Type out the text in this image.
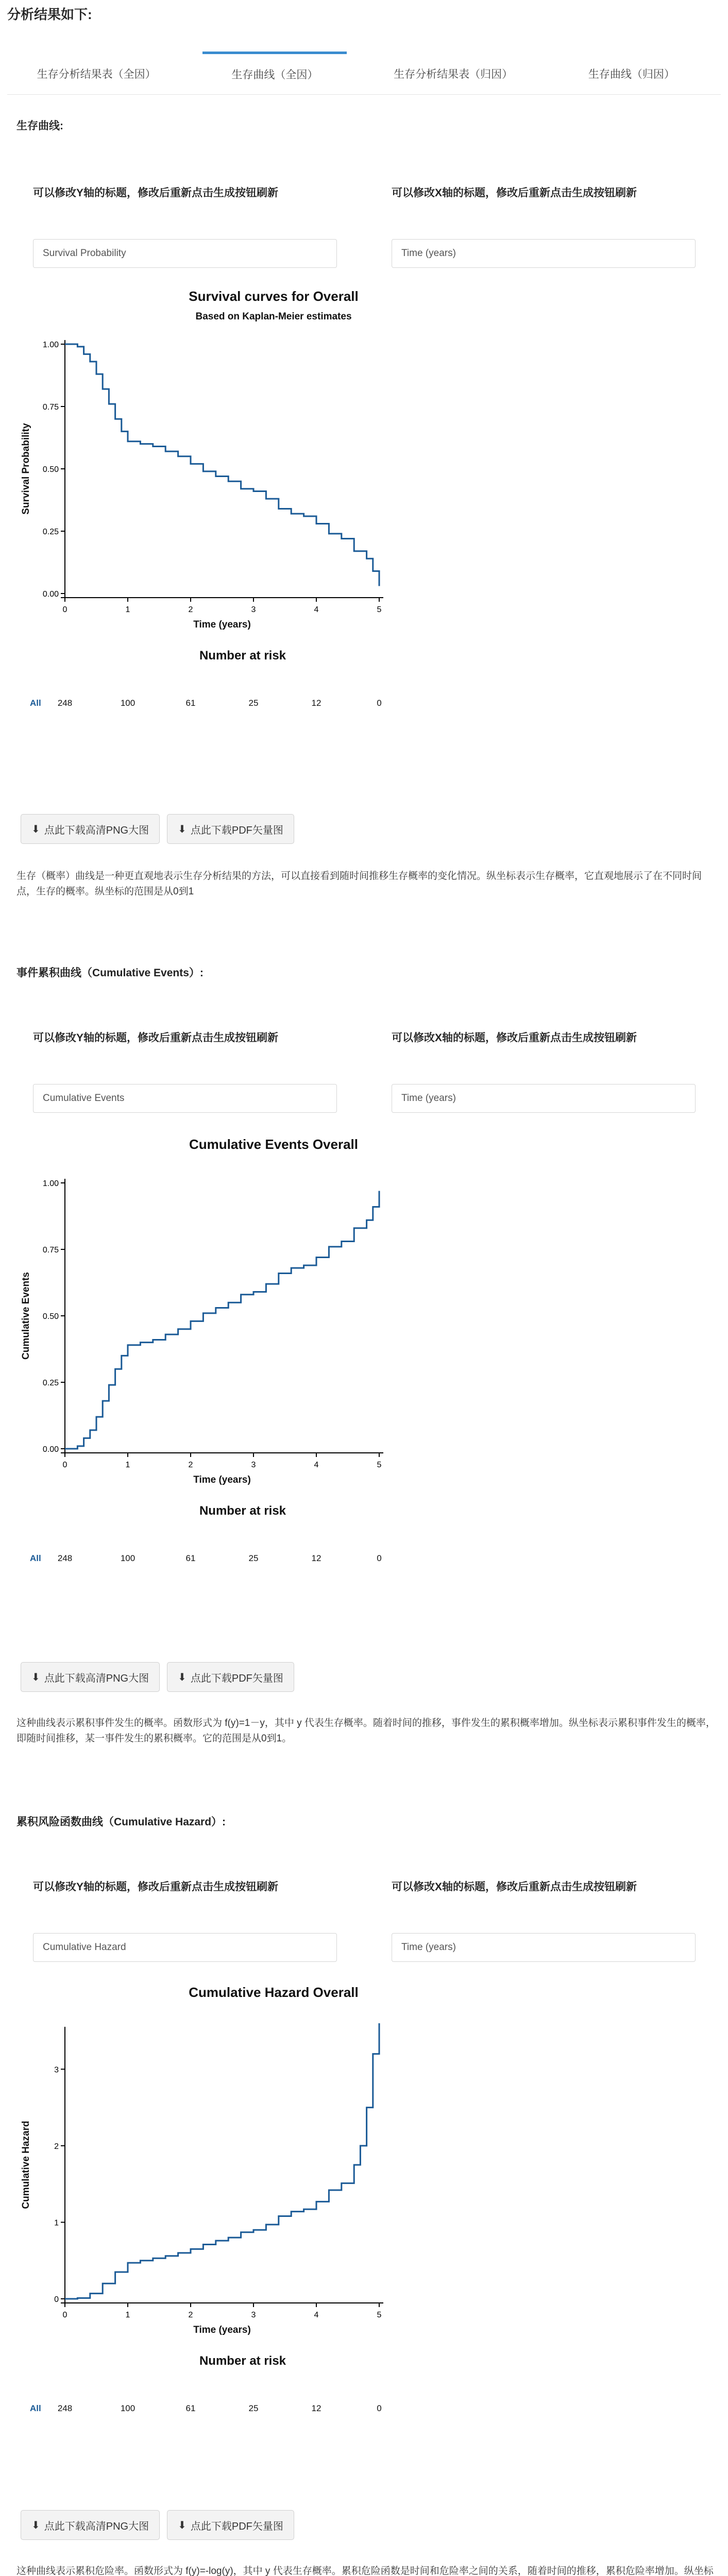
分析结果如下:
生存分析结果表（全因）	生存曲线（全因）	生存分析结果表（归因）	生存曲线（归因）
生存曲线:
可以修改Y轴的标题，修改后重新点击生成按钮刷新
Survival Probability
可以修改X轴的标题，修改后重新点击生成按钮刷新
Time (years)
Survival curves for Overall
Based on Kaplan-Meier estimates
0.00
0.25
0.50
0.75
1.00
0	1	2	3	4	5
Time (years)
Survival Probability
Number at risk
All 248	100	61	25	12	0
⬇ 点此下载高清PNG大图	⬇ 点此下载PDF矢量图
生存（概率）曲线是一种更直观地表示生存分析结果的方法，可以直接看到随时间推移生存概率的变化情况。纵坐标表示生存概率，它直观地展示了在不同时间点，生存的概率。纵坐标的范围是从0到1
事件累积曲线（Cumulative Events）:
可以修改Y轴的标题，修改后重新点击生成按钮刷新
Cumulative Events
可以修改X轴的标题，修改后重新点击生成按钮刷新
Time (years)
Cumulative Events Overall
0.00
0.25
0.50
0.75
1.00
0	1	2	3	4	5
Time (years)
Cumulative Events
Number at risk
All 248	100	61	25	12	0
⬇ 点此下载高清PNG大图	⬇ 点此下载PDF矢量图
这种曲线表示累积事件发生的概率。函数形式为 f(y)=1－y，其中 y 代表生存概率。随着时间的推移，事件发生的累积概率增加。纵坐标表示累积事件发生的概率，即随时间推移，某一事件发生的累积概率。它的范围是从0到1。
累积风险函数曲线（Cumulative Hazard）:
可以修改Y轴的标题，修改后重新点击生成按钮刷新
Cumulative Hazard
可以修改X轴的标题，修改后重新点击生成按钮刷新
Time (years)
Cumulative Hazard Overall
0
1
2
3
0	1	2	3	4	5
Time (years)
Cumulative Hazard
Number at risk
All 248	100	61	25	12	0
⬇ 点此下载高清PNG大图	⬇ 点此下载PDF矢量图
这种曲线表示累积危险率。函数形式为 f(y)=-log(y)，其中 y 代表生存概率。累积危险函数是时间和危险率之间的关系，随着时间的推移，累积危险率增加。纵坐标
